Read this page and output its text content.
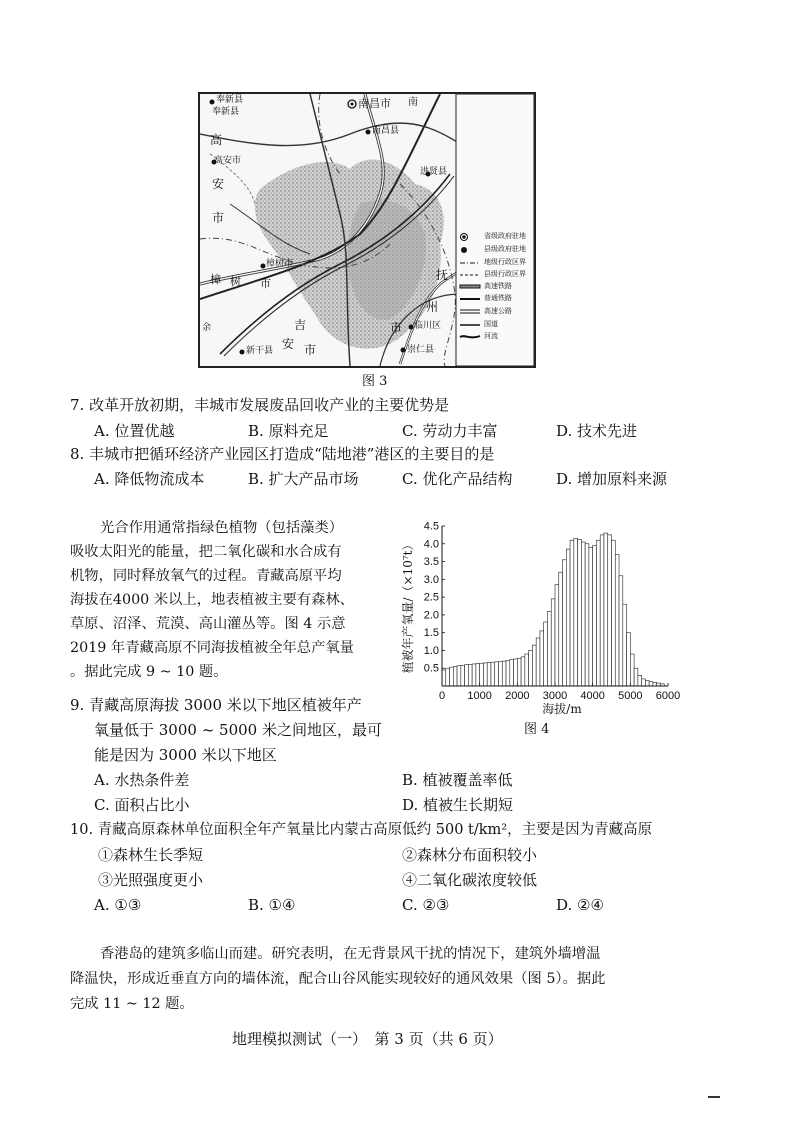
奉新县
奉新县
南昌市 南
南昌县
高
高安市
安
市
进贤县
樟树市
樟 树 市
抚
州
临川区
市
吉
安 市
余
新干县	崇仁县
省级政府驻地
县级政府驻地
地级行政区界
县级行政区界
高速铁路
普通铁路
高速公路
国道
河流
图 3
7. 改革开放初期，丰城市发展废品回收产业的主要优势是
A. 位置优越	B. 原料充足	C. 劳动力丰富	D. 技术先进
8. 丰城市把循环经济产业园区打造成“陆地港”港区的主要目的是
A. 降低物流成本	B. 扩大产品市场	C. 优化产品结构	D. 增加原料来源
光合作用通常指绿色植物（包括藻类）
吸收太阳光的能量，把二氧化碳和水合成有
机物，同时释放氧气的过程。青藏高原平均
海拔在4000 米以上，地表植被主要有森林、
草原、沼泽、荒漠、高山灌丛等。图 4 示意
2019 年青藏高原不同海拔植被全年总产氧量
。据此完成 9 ~ 10 题。	0.5
1.0
1.5
2.0
2.5
3.0
3.5
4.0
4.5
0 1000 2000 3000 4000 5000 6000
海拔/m
植被年产氧量/（×10⁷t）
图 4
9. 青藏高原海拔 3000 米以下地区植被年产
氧量低于 3000 ~ 5000 米之间地区，最可
能是因为 3000 米以下地区
A. 水热条件差	B. 植被覆盖率低
C. 面积占比小	D. 植被生长期短
10. 青藏高原森林单位面积全年产氧量比内蒙古高原低约 500 t/km²，主要是因为青藏高原
①森林生长季短	②森林分布面积较小
③光照强度更小	④二氧化碳浓度较低
A. ①③	B. ①④	C. ②③	D. ②④
香港岛的建筑多临山而建。研究表明，在无背景风干扰的情况下，建筑外墙增温
降温快，形成近垂直方向的墙体流，配合山谷风能实现较好的通风效果（图 5）。据此
完成 11 ~ 12 题。
地理模拟测试（一）　第 3 页（共 6 页）
